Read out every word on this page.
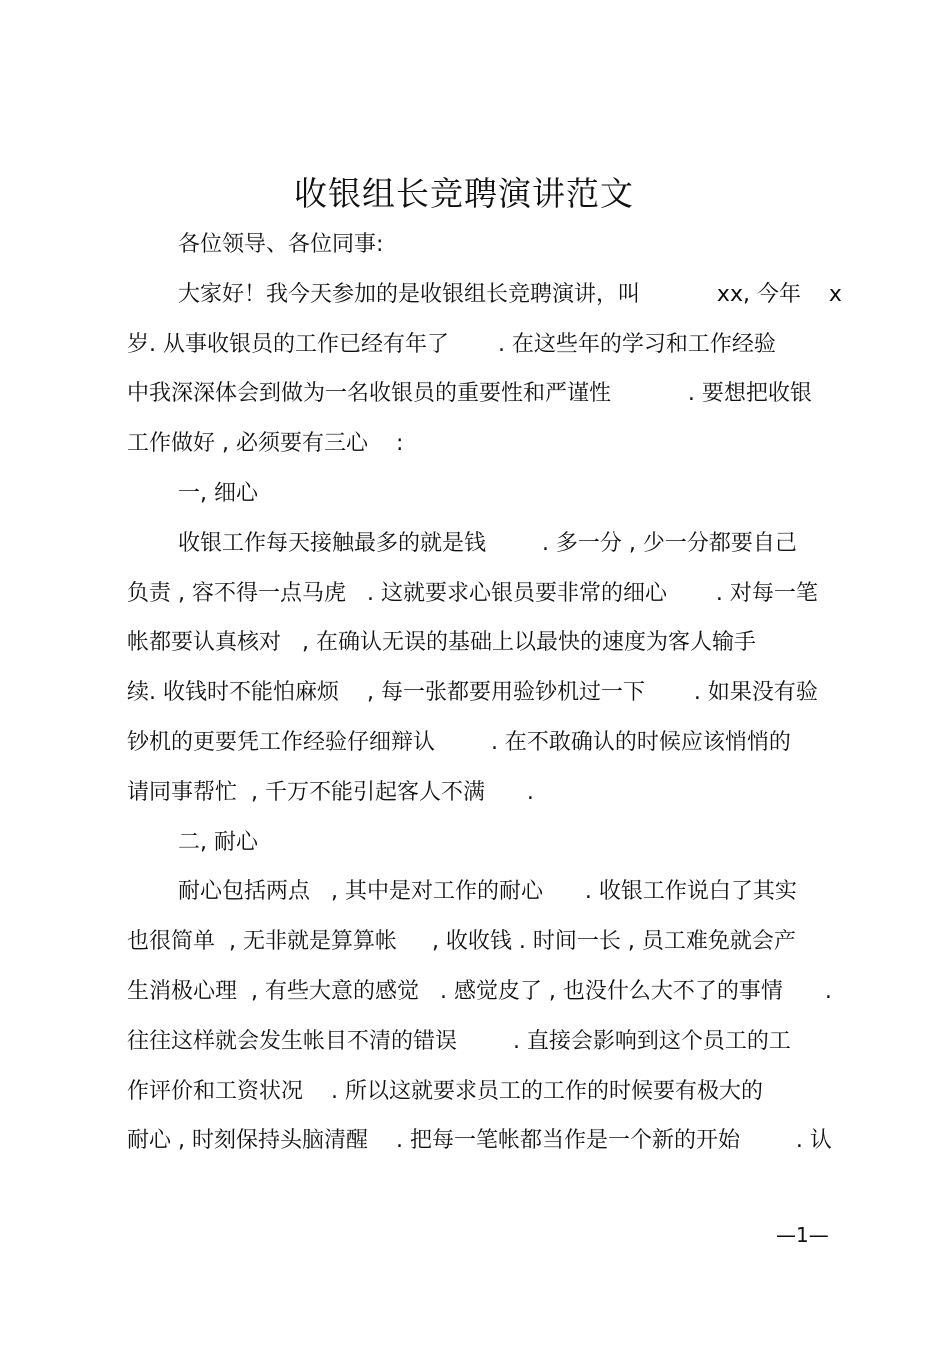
收银组长竞聘演讲范文
各位领导、各位同事:
大家好！我今天参加的是收银组长竞聘演讲，叫           xx, 今年    x
岁. 从事收银员的工作已经有年了       . 在这些年的学习和工作经验
中我深深体会到做为一名收银员的重要性和严谨性           . 要想把收银
工作做好 , 必须要有三心    :
一, 细心
收银工作每天接触最多的就是钱        . 多一分 , 少一分都要自己
负责 , 容不得一点马虎   . 这就要求心银员要非常的细心       . 对每一笔
帐都要认真核对   , 在确认无误的基础上以最快的速度为客人输手
续. 收钱时不能怕麻烦    , 每一张都要用验钞机过一下       . 如果没有验
钞机的更要凭工作经验仔细辩认        . 在不敢确认的时候应该悄悄的
请同事帮忙  , 千万不能引起客人不满      .
二, 耐心
耐心包括两点   , 其中是对工作的耐心      . 收银工作说白了其实
也很简单  , 无非就是算算帐     , 收收钱 . 时间一长 , 员工难免就会产
生消极心理  , 有些大意的感觉   . 感觉皮了 , 也没什么大不了的事情      .
往往这样就会发生帐目不清的错误        . 直接会影响到这个员工的工
作评价和工资状况    . 所以这就要求员工的工作的时候要有极大的
耐心 , 时刻保持头脑清醒    . 把每一笔帐都当作是一个新的开始        . 认
—1—
